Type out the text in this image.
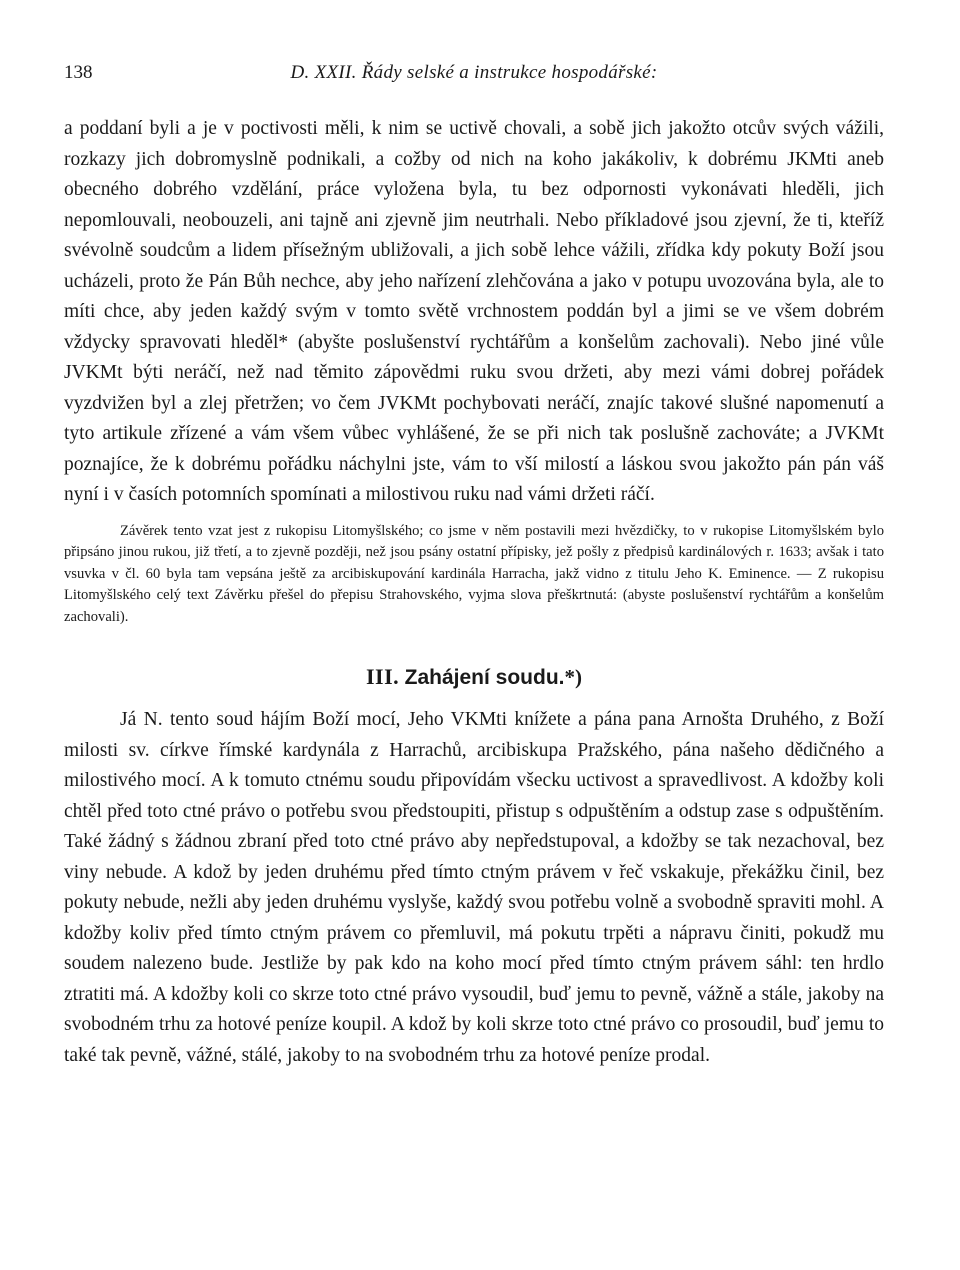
138	D. XXII. Řády selské a instrukce hospodářské:

a poddaní byli a je v poctivosti měli, k nim se uctivě chovali, a sobě jich jakožto otcův svých vážili, rozkazy jich dobromyslně podnikali, a cožby od nich na koho jakákoliv, k dobrému JKMti aneb obecného dobrého vzdělání, práce vyložena byla, tu bez odpornosti vykonávati hleděli, jich nepomlouvali, neobouzeli, ani tajně ani zjevně jim neutrhali. Nebo příkladové jsou zjevní, že ti, kteříž svévolně soudcům a lidem přísežným ubližovali, a jich sobě lehce vážili, zřídka kdy pokuty Boží jsou ucházeli, proto že Pán Bůh nechce, aby jeho nařízení zlehčována a jako v potupu uvozována byla, ale to míti chce, aby jeden každý svým v tomto světě vrchnostem poddán byl a jimi se ve všem dobrém vždycky spravovati hleděl* (abyšte poslušenství rychtářům a konšelům zachovali). Nebo jiné vůle JVKMt býti neráčí, než nad těmito zápovědmi ruku svou držeti, aby mezi vámi dobrej pořádek vyzdvižen byl a zlej přetržen; vo čem JVKMt pochybovati neráčí, znajíc takové slušné napomenutí a tyto artikule zřízené a vám všem vůbec vyhlášené, že se při nich tak poslušně zachováte; a JVKMt poznajíce, že k dobrému pořádku náchylni jste, vám to vší milostí a láskou svou jakožto pán pán váš nyní i v časích potomních spomínati a milostivou ruku nad vámi držeti ráčí.

Závěrek tento vzat jest z rukopisu Litomyšlského; co jsme v něm postavili mezi hvězdičky, to v rukopise Litomyšlském bylo připsáno jinou rukou, již třetí, a to zjevně později, než jsou psány ostatní přípisky, jež pošly z předpisů kardinálových r. 1633; avšak i tato vsuvka v čl. 60 byla tam vepsána ještě za arcibiskupování kardinála Harracha, jakž vidno z titulu Jeho K. Eminence. — Z rukopisu Litomyšlského celý text Závěrku přešel do přepisu Strahovského, vyjma slova přeškrtnutá: (abyste poslušenství rychtářům a konšelům zachovali).

III. Zahájení soudu.*)

Já N. tento soud hájím Boží mocí, Jeho VKMti knížete a pána pana Arnošta Druhého, z Boží milosti sv. církve římské kardynála z Harrachů, arcibiskupa Pražského, pána našeho dědičného a milostivého mocí. A k tomuto ctnému soudu připovídám všecku uctivost a spravedlivost. A kdožby koli chtěl před toto ctné právo o potřebu svou předstoupiti, přistup s odpuštěním a odstup zase s odpuštěním. Také žádný s žádnou zbraní před toto ctné právo aby nepředstupoval, a kdožby se tak nezachoval, bez viny nebude. A kdož by jeden druhému před tímto ctným právem v řeč vskakuje, překážku činil, bez pokuty nebude, nežli aby jeden druhému vyslyše, každý svou potřebu volně a svobodně spraviti mohl. A kdožby koliv před tímto ctným právem co přemluvil, má pokutu trpěti a nápravu činiti, pokudž mu soudem nalezeno bude. Jestliže by pak kdo na koho mocí před tímto ctným právem sáhl: ten hrdlo ztratiti má. A kdožby koli co skrze toto ctné právo vysoudil, buď jemu to pevně, vážně a stále, jakoby na svobodném trhu za hotové peníze koupil. A kdož by koli skrze toto ctné právo co prosoudil, buď jemu to také tak pevně, vážné, stálé, jakoby to na svobodném trhu za hotové peníze prodal.
